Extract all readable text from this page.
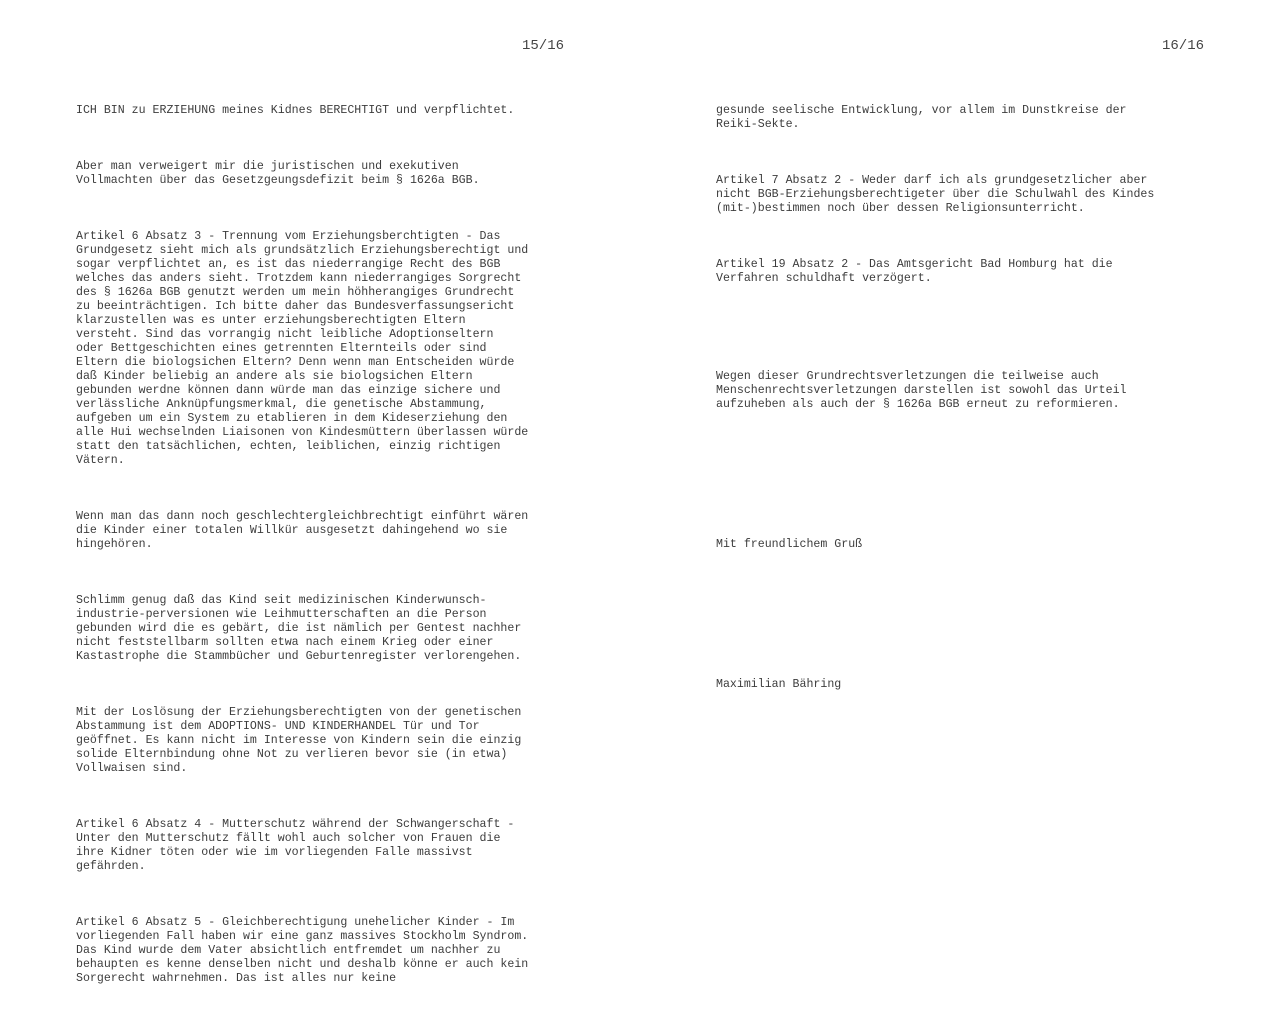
15/16

ICH BIN zu ERZIEHUNG meines Kidnes BERECHTIGT und verpflichtet.

Aber man verweigert mir die juristischen und exekutiven
Vollmachten über das Gesetzgeungsdefizit beim § 1626a BGB.

Artikel 6 Absatz 3 - Trennung vom Erziehungsberchtigten - Das
Grundgesetz sieht mich als grundsätzlich Erziehungsberechtigt und
sogar verpflichtet an, es ist das niederrangige Recht des BGB
welches das anders sieht. Trotzdem kann niederrangiges Sorgrecht
des § 1626a BGB genutzt werden um mein höhherangiges Grundrecht
zu beeinträchtigen. Ich bitte daher das Bundesverfassungsericht
klarzustellen was es unter erziehungsberechtigten Eltern
versteht. Sind das vorrangig nicht leibliche Adoptionseltern
oder Bettgeschichten eines getrennten Elternteils oder sind
Eltern die biologsichen Eltern? Denn wenn man Entscheiden würde
daß Kinder beliebig an andere als sie biologsichen Eltern
gebunden werdne können dann würde man das einzige sichere und
verlässliche Anknüpfungsmerkmal, die genetische Abstammung,
aufgeben um ein System zu etablieren in dem Kideserziehung den
alle Hui wechselnden Liaisonen von Kindesmüttern überlassen würde
statt den tatsächlichen, echten, leiblichen, einzig richtigen
Vätern.

Wenn man das dann noch geschlechtergleichbrechtigt einführt wären
die Kinder einer totalen Willkür ausgesetzt dahingehend wo sie
hingehören.

Schlimm genug daß das Kind seit medizinischen Kinderwunsch-
industrie-perversionen wie Leihmutterschaften an die Person
gebunden wird die es gebärt, die ist nämlich per Gentest nachher
nicht feststellbarm sollten etwa nach einem Krieg oder einer
Kastastrophe die Stammbücher und Geburtenregister verlorengehen.

Mit der Loslösung der Erziehungsberechtigten von der genetischen
Abstammung ist dem ADOPTIONS- UND KINDERHANDEL Tür und Tor
geöffnet. Es kann nicht im Interesse von Kindern sein die einzig
solide Elternbindung ohne Not zu verlieren bevor sie (in etwa)
Vollwaisen sind.

Artikel 6 Absatz 4 - Mutterschutz während der Schwangerschaft -
Unter den Mutterschutz fällt wohl auch solcher von Frauen die
ihre Kidner töten oder wie im vorliegenden Falle massivst
gefährden.

Artikel 6 Absatz 5 - Gleichberechtigung unehelicher Kinder - Im
vorliegenden Fall haben wir eine ganz massives Stockholm Syndrom.
Das Kind wurde dem Vater absichtlich entfremdet um nachher zu
behaupten es kenne denselben nicht und deshalb könne er auch kein
Sorgerecht wahrnehmen. Das ist alles nur keine

16/16

gesunde seelische Entwicklung, vor allem im Dunstkreise der
Reiki-Sekte.

Artikel 7 Absatz 2 - Weder darf ich als grundgesetzlicher aber
nicht BGB-Erziehungsberechtigeter über die Schulwahl des Kindes
(mit-)bestimmen noch über dessen Religionsunterricht.

Artikel 19 Absatz 2 - Das Amtsgericht Bad Homburg hat die
Verfahren schuldhaft verzögert.

Wegen dieser Grundrechtsverletzungen die teilweise auch
Menschenrechtsverletzungen darstellen ist sowohl das Urteil
aufzuheben als auch der § 1626a BGB erneut zu reformieren.

Mit freundlichem Gruß

Maximilian Bähring
